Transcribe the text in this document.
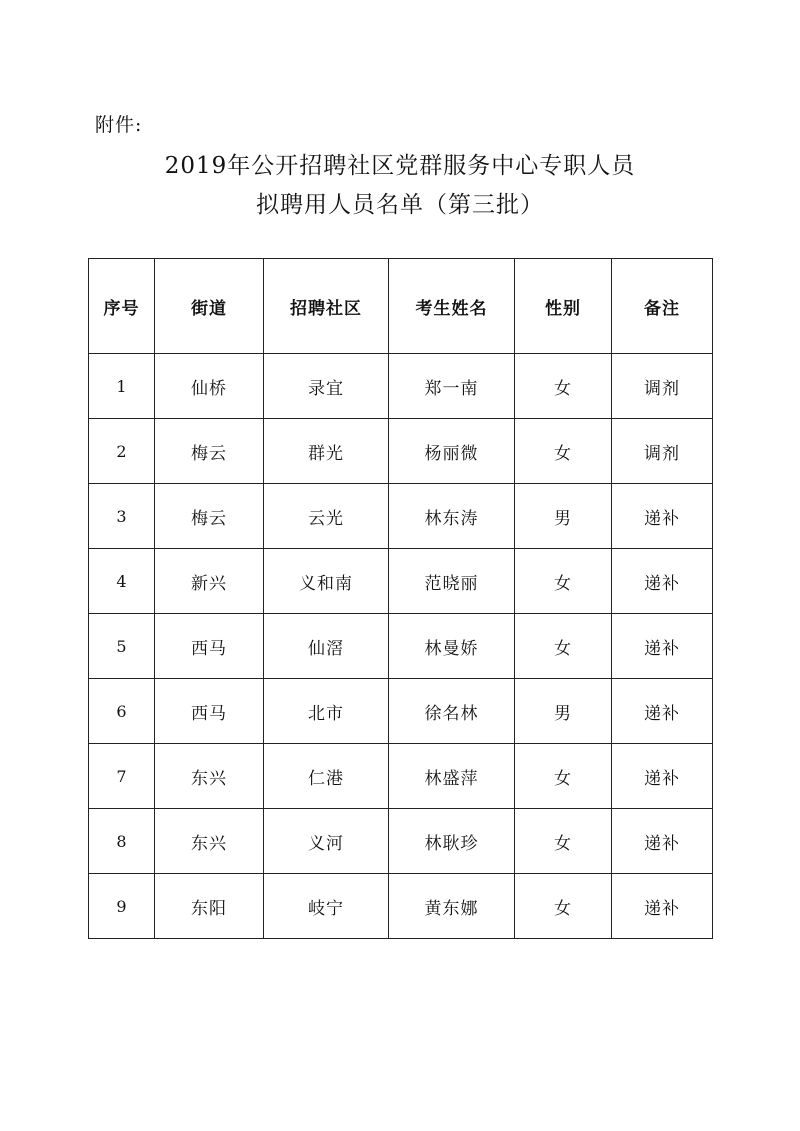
附件:
2019年公开招聘社区党群服务中心专职人员
拟聘用人员名单（第三批）
序号	街道	招聘社区	考生姓名	性别	备注
1	仙桥	录宜	郑一南	女	调剂
2	梅云	群光	杨丽微	女	调剂
3	梅云	云光	林东涛	男	递补
4	新兴	义和南	范晓丽	女	递补
5	西马	仙滘	林曼娇	女	递补
6	西马	北市	徐名林	男	递补
7	东兴	仁港	林盛萍	女	递补
8	东兴	义河	林耿珍	女	递补
9	东阳	岐宁	黄东娜	女	递补
